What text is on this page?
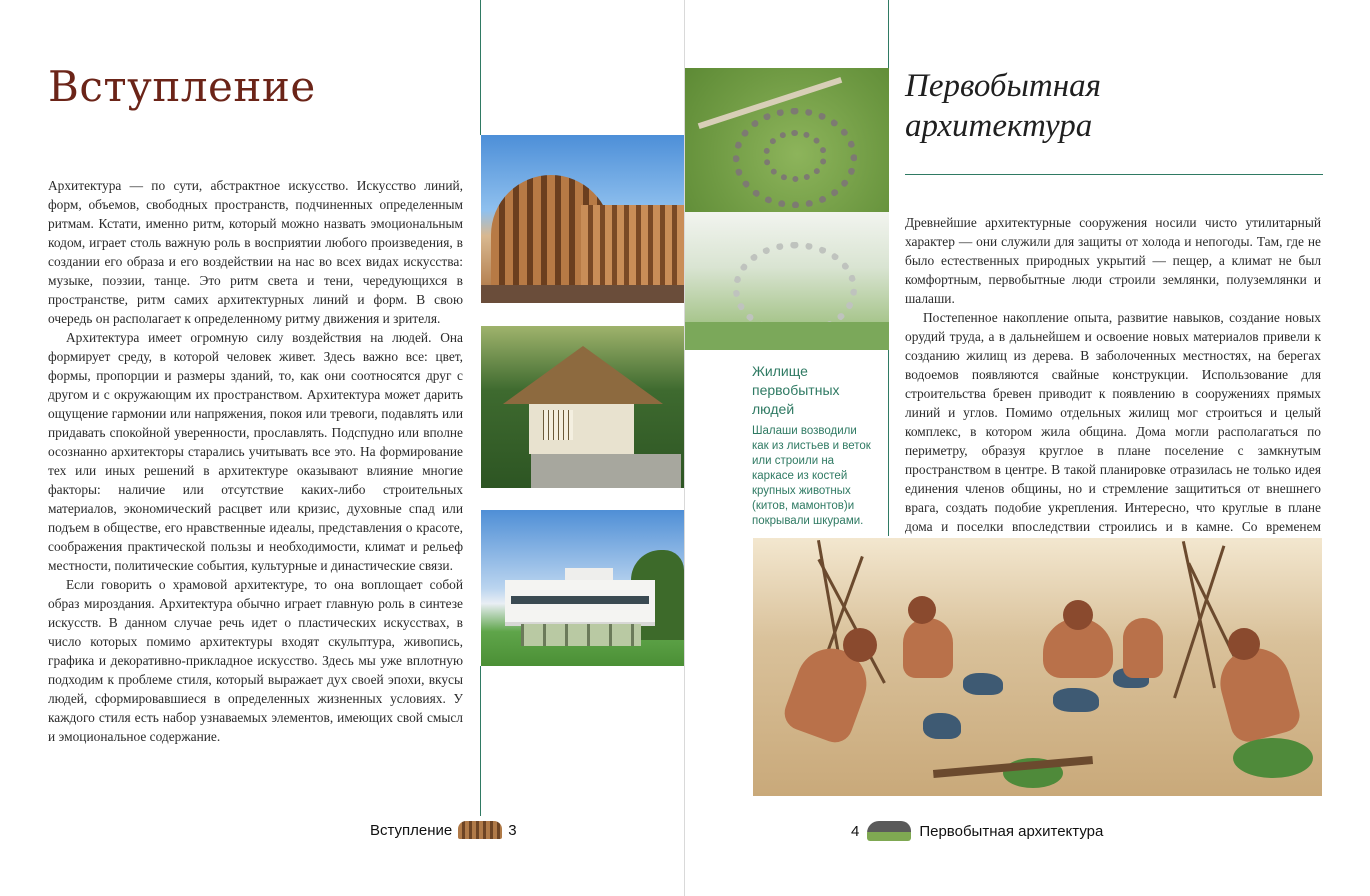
Вступление

Архитектура — по сути, абстрактное искусство. Искусство линий, форм, объемов, свободных пространств, подчиненных определенным ритмам. Кстати, именно ритм, который можно назвать эмоциональным кодом, играет столь важную роль в восприятии любого произведения, в создании его образа и его воздействии на нас во всех видах искусства: музыке, поэзии, танце. Это ритм света и тени, чередующихся в пространстве, ритм самих архитектурных линий и форм. В свою очередь он располагает к определенному ритму движения и зрителя.

Архитектура имеет огромную силу воздействия на людей. Она формирует среду, в которой человек живет. Здесь важно все: цвет, формы, пропорции и размеры зданий, то, как они соотносятся друг с другом и с окружающим их пространством. Архитектура может дарить ощущение гармонии или напряжения, покоя или тревоги, подавлять или придавать спокойной уверенности, прославлять. Подспудно или вполне осознанно архитекторы старались учитывать все это. На формирование тех или иных решений в архитектуре оказывают влияние многие факторы: наличие или отсутствие каких-либо строительных материалов, экономический расцвет или кризис, духовные спад или подъем в обществе, его нравственные идеалы, представления о красоте, соображения практической пользы и необходимости, климат и рельеф местности, политические события, культурные и династические связи.

Если говорить о храмовой архитектуре, то она воплощает собой образ мироздания. Архитектура обычно играет главную роль в синтезе искусств. В данном случае речь идет о пластических искусствах, в число которых помимо архитектуры входят скульптура, живопись, графика и декоративно-прикладное искусство. Здесь мы уже вплотную подходим к проблеме стиля, который выражает дух своей эпохи, вкусы людей, сформировавшиеся в определенных жизненных условиях. У каждого стиля есть набор узнаваемых элементов, имеющих свой смысл и эмоциональное содержание.

Вступление	3
Жилище первобытных людей
Шалаши возводили как из листьев и веток или строили на каркасе из костей крупных животных (китов, мамонтов)и покрывали шкурами.
Первобытная
архитектура

Древнейшие архитектурные сооружения носили чисто утилитарный характер — они служили для защиты от холода и непогоды. Там, где не было естественных природных укрытий — пещер, а климат не был комфортным, первобытные люди строили землянки, полуземлянки и шалаши.

Постепенное накопление опыта, развитие навыков, создание новых орудий труда, а в дальнейшем и освоение новых материалов привели к созданию жилищ из дерева. В заболоченных местностях, на берегах водоемов появляются свайные конструкции. Использование для строительства бревен приводит к появлению в сооружениях прямых линий и углов. Помимо отдельных жилищ мог строиться и целый комплекс, в котором жила община. Дома могли располагаться по периметру, образуя круглое в плане поселение с замкнутым пространством в центре. В такой планировке отразилась не только идея единения членов общины, но и стремление защититься от внешнего врага, создать подобие укрепления. Интересно, что круглые в плане дома и поселки впоследствии строились и в камне. Со временем

4	Первобытная архитектура
